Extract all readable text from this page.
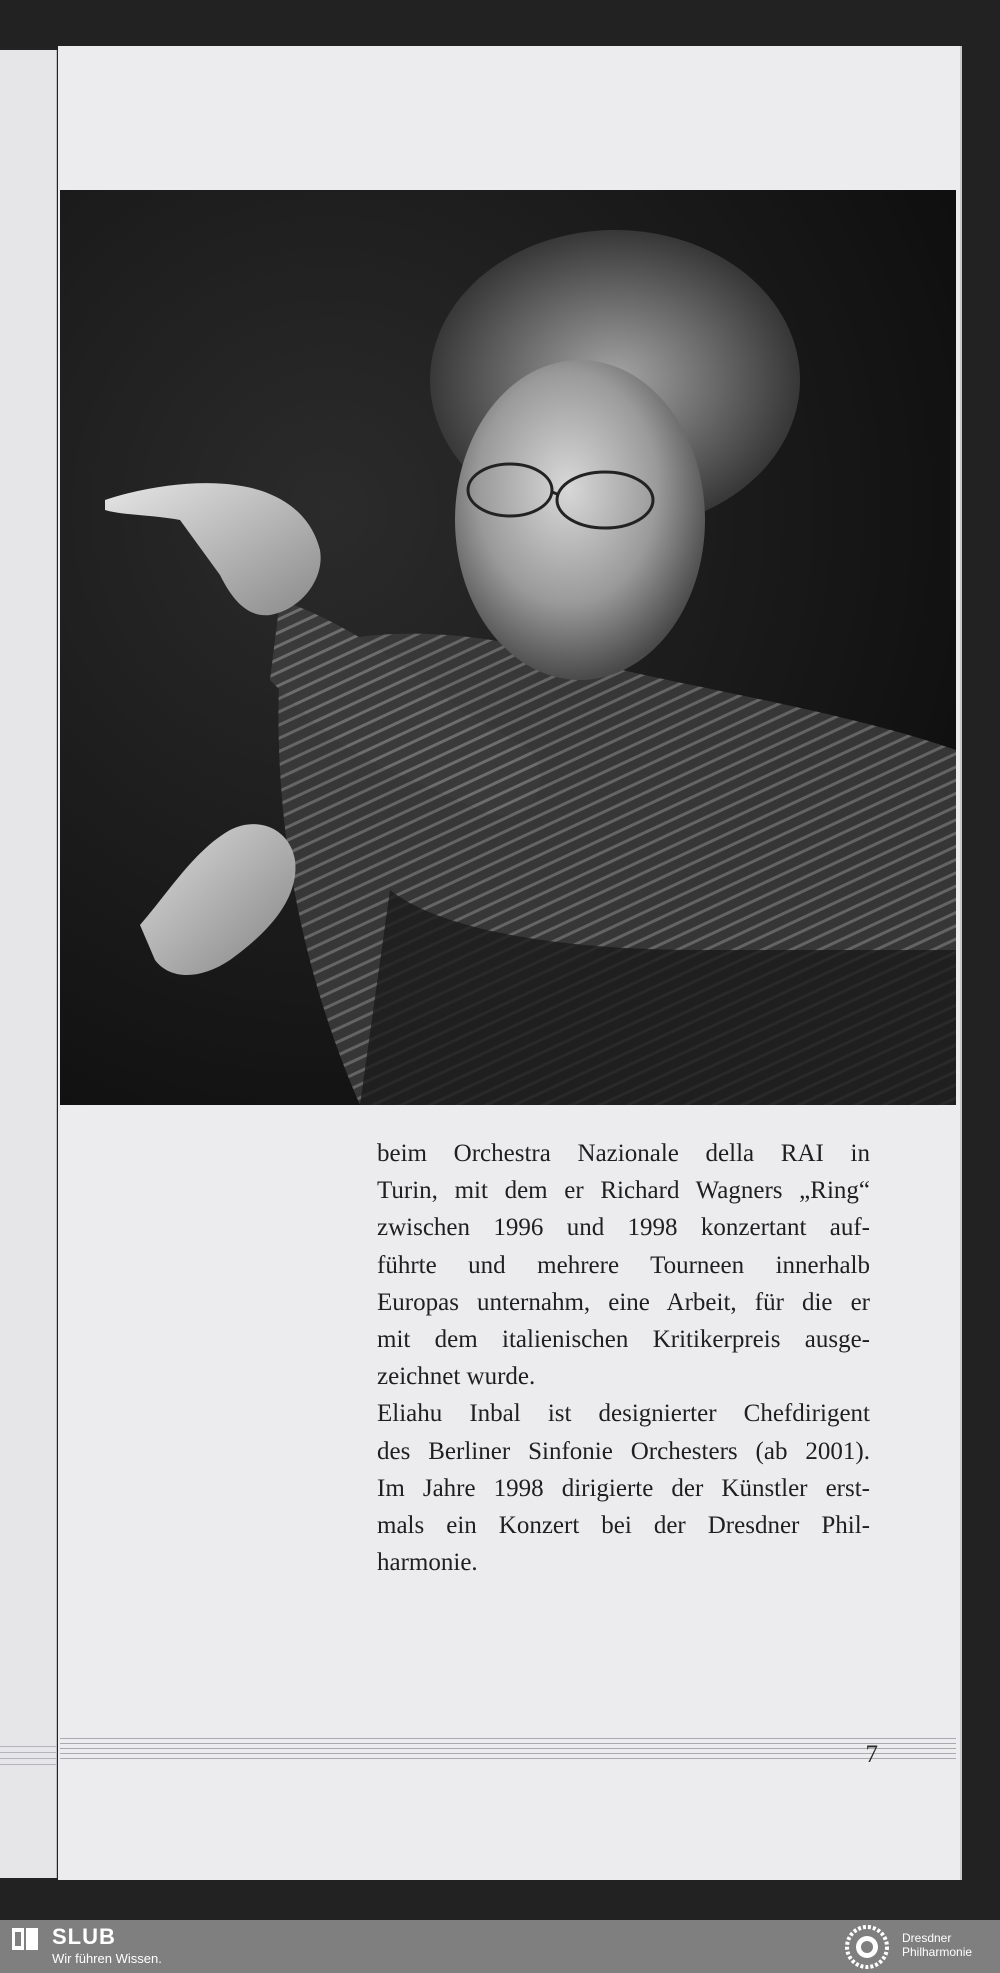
beim Orchestra Nazionale della RAI in

Turin, mit dem er Richard Wagners „Ring“

zwischen 1996 und 1998 konzertant auf-

führte und mehrere Tourneen innerhalb

Europas unternahm, eine Arbeit, für die er

mit dem italienischen Kritikerpreis ausge-

zeichnet wurde.

Eliahu Inbal ist designierter Chefdirigent

des Berliner Sinfonie Orchesters (ab 2001).

Im Jahre 1998 dirigierte der Künstler erst-

mals ein Konzert bei der Dresdner Phil-

harmonie.

7
SLUB
Wir führen Wissen.
Dresdner
Philharmonie
